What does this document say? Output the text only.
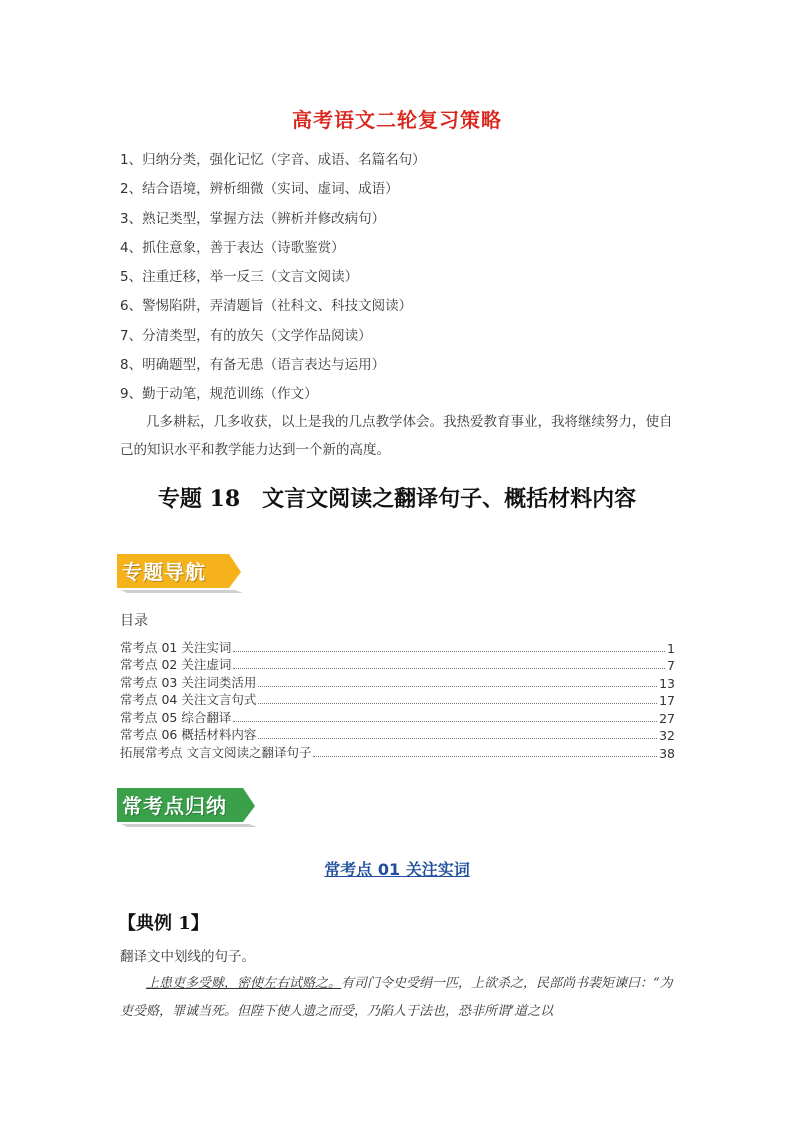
高考语文二轮复习策略
1、归纳分类，强化记忆（字音、成语、名篇名句）
2、结合语境，辨析细微（实词、虚词、成语）
3、熟记类型，掌握方法（辨析并修改病句）
4、抓住意象，善于表达（诗歌鉴赏）
5、注重迁移，举一反三（文言文阅读）
6、警惕陷阱，弄清题旨（社科文、科技文阅读）
7、分清类型，有的放矢（文学作品阅读）
8、明确题型，有备无患（语言表达与运用）
9、勤于动笔，规范训练（作文）
几多耕耘，几多收获，以上是我的几点教学体会。我热爱教育事业，我将继续努力，使自己的知识水平和教学能力达到一个新的高度。
专题 18　文言文阅读之翻译句子、概括材料内容
专题导航
目录
常考点 01 关注实词	1
常考点 02 关注虚词	7
常考点 03 关注词类活用	13
常考点 04 关注文言句式	17
常考点 05 综合翻译	27
常考点 06 概括材料内容	32
拓展常考点 文言文阅读之翻译句子	38
常考点归纳
常考点 01 关注实词
【典例 1】
翻译文中划线的句子。
上患吏多受赇，密使左右试赂之。有司门令史受绢一匹，上欲杀之，民部尚书裴矩谏曰：“为吏受赂，罪诚当死。但陛下使人遗之而受，乃陷人于法也，恐非所谓‘道之以
